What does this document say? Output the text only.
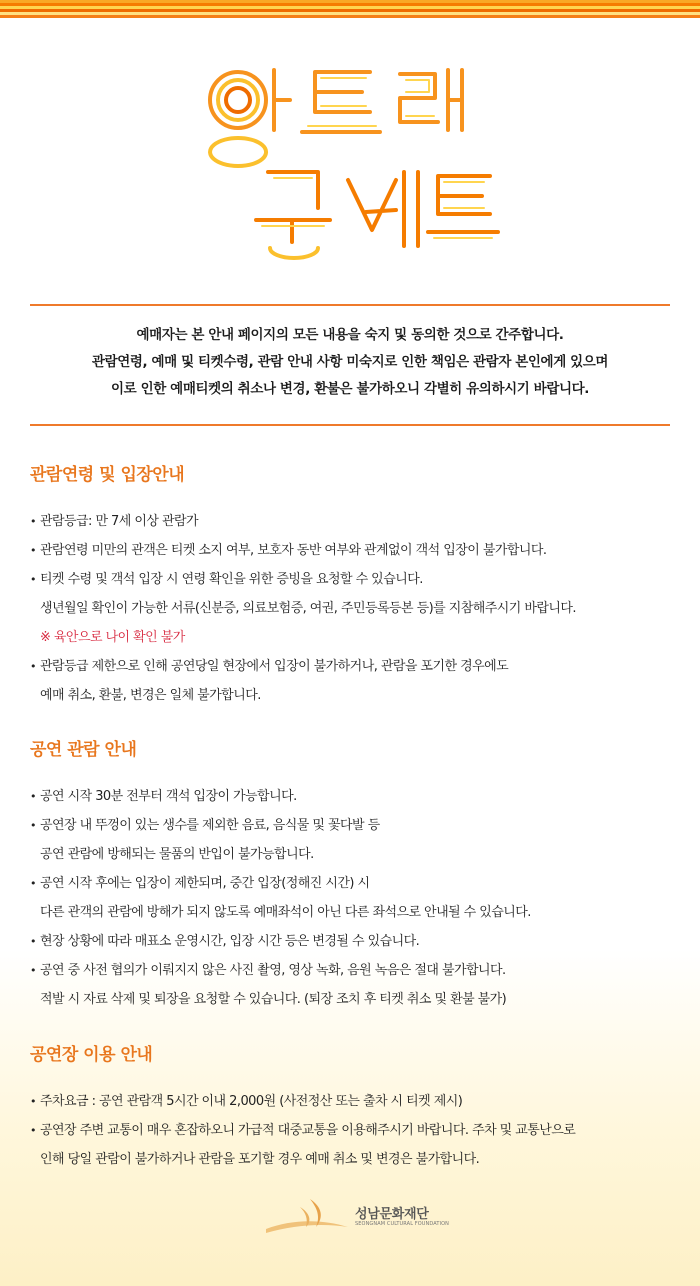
예매자는 본 안내 페이지의 모든 내용을 숙지 및 동의한 것으로 간주합니다.

관람연령, 예매 및 티켓수령, 관람 안내 사항 미숙지로 인한 책임은 관람자 본인에게 있으며

이로 인한 예매티켓의 취소나 변경, 환불은 불가하오니 각별히 유의하시기 바랍니다.

관람연령 및 입장안내
• 관람등급: 만 7세 이상 관람가
• 관람연령 미만의 관객은 티켓 소지 여부, 보호자 동반 여부와 관계없이 객석 입장이 불가합니다.
• 티켓 수령 및 객석 입장 시 연령 확인을 위한 증빙을 요청할 수 있습니다.
생년월일 확인이 가능한 서류(신분증, 의료보험증, 여권, 주민등록등본 등)를 지참해주시기 바랍니다.
※ 육안으로 나이 확인 불가
• 관람등급 제한으로 인해 공연당일 현장에서 입장이 불가하거나, 관람을 포기한 경우에도
예매 취소, 환불, 변경은 일체 불가합니다.
공연 관람 안내
• 공연 시작 30분 전부터 객석 입장이 가능합니다.
• 공연장 내 뚜껑이 있는 생수를 제외한 음료, 음식물 및 꽃다발 등
공연 관람에 방해되는 물품의 반입이 불가능합니다.
• 공연 시작 후에는 입장이 제한되며, 중간 입장(정해진 시간) 시
다른 관객의 관람에 방해가 되지 않도록 예매좌석이 아닌 다른 좌석으로 안내될 수 있습니다.
• 현장 상황에 따라 매표소 운영시간, 입장 시간 등은 변경될 수 있습니다.
• 공연 중 사전 협의가 이뤄지지 않은 사진 촬영, 영상 녹화, 음원 녹음은 절대 불가합니다.
적발 시 자료 삭제 및 퇴장을 요청할 수 있습니다. (퇴장 조치 후 티켓 취소 및 환불 불가)
공연장 이용 안내
• 주차요금 : 공연 관람객 5시간 이내 2,000원 (사전정산 또는 출차 시 티켓 제시)
• 공연장 주변 교통이 매우 혼잡하오니 가급적 대중교통을 이용해주시기 바랍니다. 주차 및 교통난으로
인해 당일 관람이 불가하거나 관람을 포기할 경우 예매 취소 및 변경은 불가합니다.
성남문화재단
SEONGNAM CULTURAL FOUNDATION
